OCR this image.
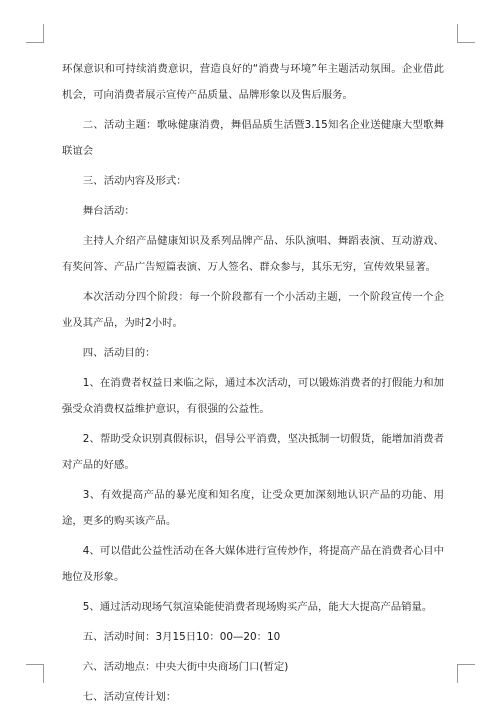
环保意识和可持续消费意识，营造良好的“消费与环境”年主题活动氛围。企业借此机会，可向消费者展示宣传产品质量、品牌形象以及售后服务。

二、活动主题：歌咏健康消费，舞倡品质生活暨3.15知名企业送健康大型歌舞联谊会

三、活动内容及形式：

舞台活动：

主持人介绍产品健康知识及系列品牌产品、乐队演唱、舞蹈表演、互动游戏、有奖问答、产品广告短篇表演、万人签名、群众参与，其乐无穷，宣传效果显著。

本次活动分四个阶段：每一个阶段都有一个小活动主题，一个阶段宣传一个企业及其产品，为时2小时。

四、活动目的：

1、在消费者权益日来临之际，通过本次活动，可以锻炼消费者的打假能力和加强受众消费权益维护意识，有很强的公益性。

2、帮助受众识别真假标识，倡导公平消费，坚决抵制一切假货，能增加消费者对产品的好感。

3、有效提高产品的暴光度和知名度，让受众更加深刻地认识产品的功能、用途，更多的购买该产品。

4、可以借此公益性活动在各大媒体进行宣传炒作，将提高产品在消费者心目中地位及形象。

5、通过活动现场气氛渲染能使消费者现场购买产品，能大大提高产品销量。

五、活动时间：3月15日10：00—20：10

六、活动地点：中央大街中央商场门口(暂定)

七、活动宣传计划：
